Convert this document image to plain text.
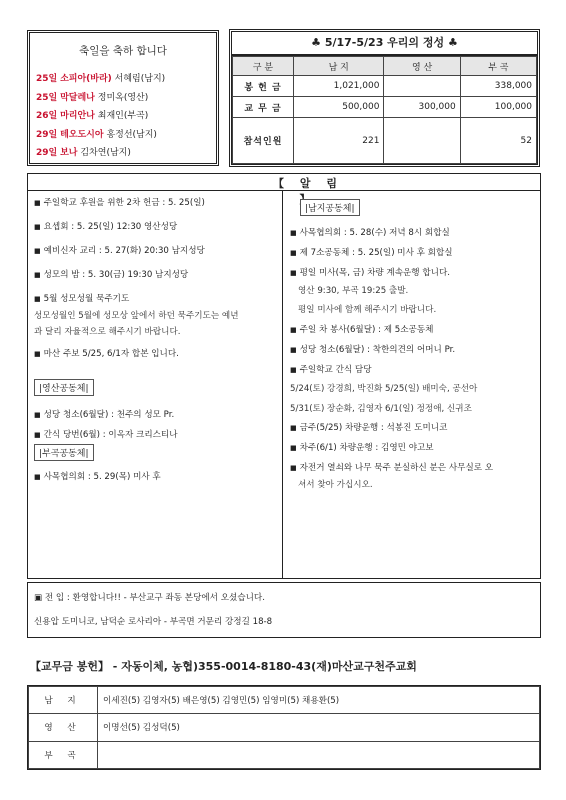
축일을 축하 합니다
25일 소피아(바라) 서혜림(남지)
25일 막달레나 정미옥(영산)
26일 마리안나 최재인(부곡)
29일 테오도시아 홍정선(남지)
29일 보나 김차연(남지)
♣ 5/17-5/23 우리의 정성 ♣
구 분	남 지	영 산	부 곡
봉 헌 금	1,021,000		338,000
교 무 금	500,000	300,000	100,000
참석인원	221		52
【 알 림
■ 주일학교 후원을 위한 2차 헌금 : 5. 25(일)
■ 요셉회 : 5. 25(일) 12:30 영산성당
■ 예비신자 교리 : 5. 27(화) 20:30 남지성당
■ 성모의 밤 : 5. 30(금) 19:30 남지성당
■ 5월 성모성월 묵주기도
성모성월인 5월에 성모상 앞에서 하던 묵주기도는 예년
과 달리 자율적으로 해주시기 바랍니다.
■ 마산 주보 5/25, 6/1자 합본 입니다.
|영산공동체|
■ 성당 청소(6월달) : 천주의 성모 Pr.
■ 간식 당번(6월) : 이옥자 크리스티나
|부곡공동체|
■ 사목협의회 : 5. 29(목) 미사 후
|남지공동체|
■ 사목협의회 : 5. 28(수) 저녁 8시 회합실
■ 제 7소공동체 : 5. 25(일) 미사 후 회합실
■ 평일 미사(목, 금) 차량 계속운행 합니다.
영산 9:30, 부곡 19:25 출발.
평일 미사에 함께 해주시기 바랍니다.
■ 주일 차 봉사(6월달) : 제 5소공동체
■ 성당 청소(6월달) : 착한의견의 어머니 Pr.
■ 주일학교 간식 담당
5/24(토) 강경희, 박진화 5/25(일) 배미숙, 공선아
5/31(토) 장순화, 김영자 6/1(일) 정정애, 신귀조
■ 금주(5/25) 차량운행 : 석봉진 도미니코
■ 차주(6/1) 차량운행 : 김영민 야고보
■ 자전거 열쇠와 나무 묵주 분실하신 분은 사무실로 오
셔서 찾아 가십시오.
▣ 전 입 : 환영합니다!! - 부산교구 좌동 본당에서 오셨습니다.
신용압 도미니코, 남덕순 로사리아 - 부곡면 거문리 강정길 18-8
【교무금 봉헌】 - 자동이체, 농협)355-0014-8180-43(재)마산교구천주교회
남 지	이세진(5) 김영자(5) 배은영(5) 김영민(5) 임영미(5) 채용환(5)
영 산	이명선(5) 김성덕(5)
부 곡	
